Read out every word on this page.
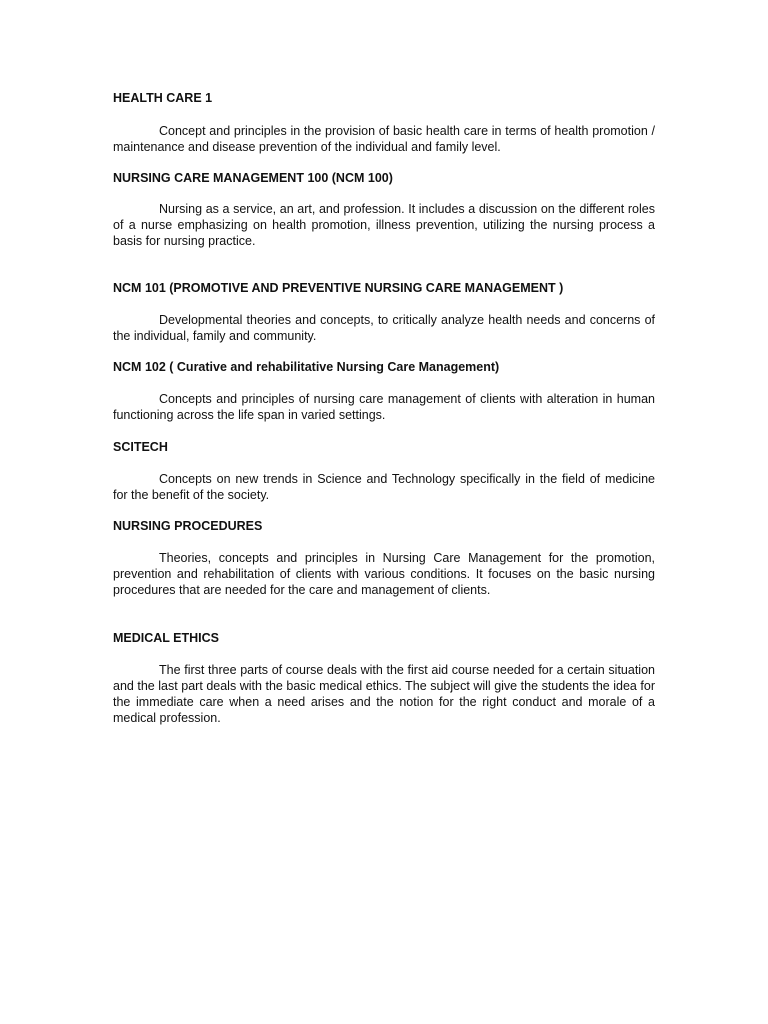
HEALTH CARE 1

Concept and principles in the provision of basic health care in terms of health promotion / maintenance and disease prevention of the individual and family level.

NURSING CARE MANAGEMENT 100 (NCM 100)

Nursing as a service, an art, and profession. It includes a discussion on the different roles of a nurse emphasizing on health promotion, illness prevention, utilizing the nursing process a basis for nursing practice.

NCM 101 (PROMOTIVE AND PREVENTIVE NURSING CARE MANAGEMENT )

Developmental theories and concepts, to critically analyze health needs and concerns of the individual, family and community.

NCM 102 ( Curative and rehabilitative Nursing Care Management)

Concepts and principles of nursing care management of clients with alteration in human functioning across the life span in varied settings.

SCITECH

Concepts on new trends in Science and Technology specifically in the field of medicine for the benefit of the society.

NURSING PROCEDURES

Theories, concepts and principles in Nursing Care Management for the promotion, prevention and rehabilitation of clients with various conditions. It focuses on the basic nursing procedures that are needed for the care and management of clients.

MEDICAL ETHICS

The first three parts of course deals with the first aid course needed for a certain situation and the last part deals with the basic medical ethics. The subject will give the students the idea for the immediate care when a need arises and the notion for the right conduct and morale of a medical profession.
